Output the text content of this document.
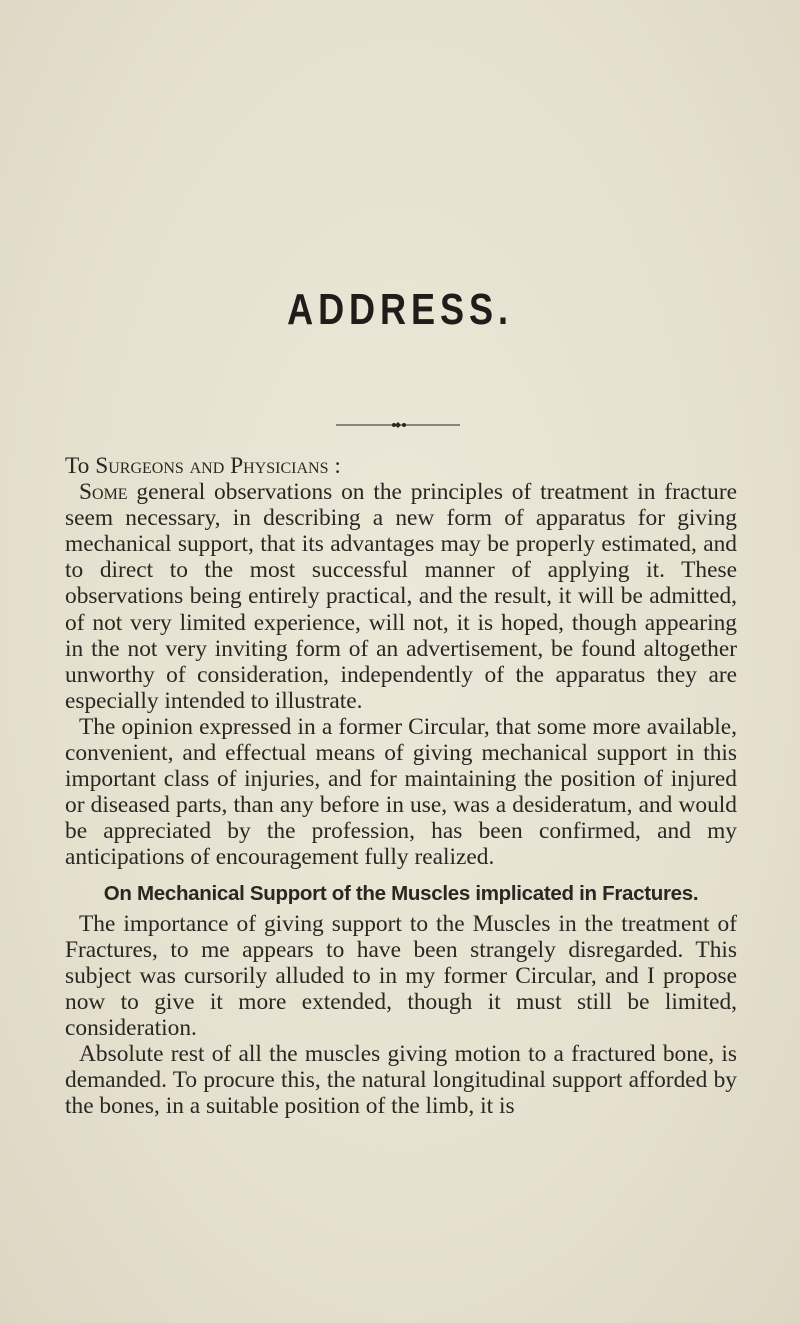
ADDRESS.

To Surgeons and Physicians :

Some general observations on the principles of treatment in fracture seem necessary, in describing a new form of apparatus for giving mechanical support, that its advantages may be properly estimated, and to direct to the most successful manner of applying it. These observations being entirely practical, and the result, it will be admitted, of not very limited experience, will not, it is hoped, though appearing in the not very inviting form of an advertisement, be found altogether unworthy of consideration, independently of the apparatus they are especially intended to illustrate.

The opinion expressed in a former Circular, that some more available, convenient, and effectual means of giving mechanical support in this important class of injuries, and for maintaining the position of injured or diseased parts, than any before in use, was a desideratum, and would be appreciated by the profession, has been confirmed, and my anticipations of encouragement fully realized.

On Mechanical Support of the Muscles implicated in Fractures.

The importance of giving support to the Muscles in the treatment of Fractures, to me appears to have been strangely disregarded. This subject was cursorily alluded to in my former Circular, and I propose now to give it more extended, though it must still be limited, consideration.

Absolute rest of all the muscles giving motion to a fractured bone, is demanded. To procure this, the natural longitudinal support afforded by the bones, in a suitable position of the limb, it is
